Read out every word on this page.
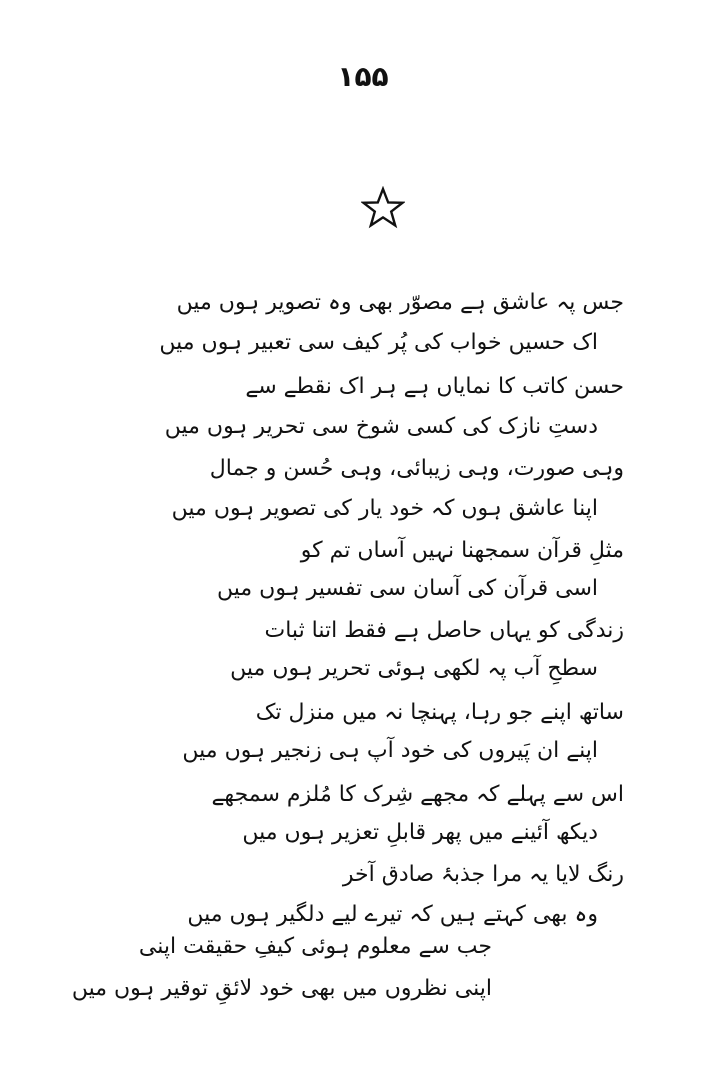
۱۵۵
جس پہ عاشق ہے مصوّر بھی وہ تصویر ہوں میں
اک حسیں خواب کی پُر کیف سی تعبیر ہوں میں
حسن کاتب کا نمایاں ہے ہر اک نقطے سے
دستِ نازک کی کسی شوخ سی تحریر ہوں میں
وہی صورت، وہی زیبائی، وہی حُسن و جمال
اپنا عاشق ہوں کہ خود یار کی تصویر ہوں میں
مثلِ قرآن سمجھنا نہیں آساں تم کو
اسی قرآن کی آسان سی تفسیر ہوں میں
زندگی کو یہاں حاصل ہے فقط اتنا ثبات
سطحِ آب پہ لکھی ہوئی تحریر ہوں میں
ساتھ اپنے جو رہا، پہنچا نہ میں منزل تک
اپنے ان پَیروں کی خود آپ ہی زنجیر ہوں میں
اس سے پہلے کہ مجھے شِرک کا مُلزم سمجھے
دیکھ آئینے میں پھر قابلِ تعزیر ہوں میں
رنگ لایا یہ مرا جذبۂ صادق آخر
وہ بھی کہتے ہیں کہ تیرے لیے دلگیر ہوں میں
جب سے معلوم ہوئی کیفِ حقیقت اپنی
اپنی نظروں میں بھی خود لائقِ توقیر ہوں میں
